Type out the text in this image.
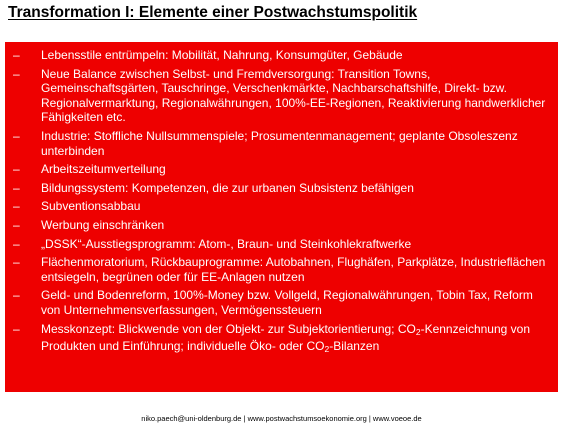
Transformation I: Elemente einer Postwachstumspolitik
–	Lebensstile entrümpeln: Mobilität, Nahrung, Konsumgüter, Gebäude
–	Neue Balance zwischen Selbst- und Fremdversorgung: Transition Towns, Gemeinschaftsgärten, Tauschringe, Verschenkmärkte, Nachbarschaftshilfe, Direkt- bzw. Regionalvermarktung, Regionalwährungen, 100%-EE-Regionen, Reaktivierung handwerklicher Fähigkeiten etc.
–	Industrie: Stoffliche Nullsummenspiele; Prosumentenmanagement; geplante Obsoleszenz unterbinden
–	Arbeitszeitumverteilung
–	Bildungssystem: Kompetenzen, die zur urbanen Subsistenz befähigen
–	Subventionsabbau
–	Werbung einschränken
–	„DSSK“-Ausstiegsprogramm: Atom-, Braun- und Steinkohlekraftwerke
–	Flächenmoratorium, Rückbauprogramme: Autobahnen, Flughäfen, Parkplätze, Industrieflächen entsiegeln, begrünen oder für EE-Anlagen nutzen
–	Geld- und Bodenreform, 100%-Money bzw. Vollgeld, Regionalwährungen, Tobin Tax, Reform von Unternehmensverfassungen, Vermögenssteuern
–	Messkonzept: Blickwende von der Objekt- zur Subjektorientierung; $CO_2$-Kennzeichnung von Produkten und Einführung; individuelle Öko- oder $CO_2$-Bilanzen
niko.paech@uni-oldenburg.de | www.postwachstumsoekonomie.org | www.voeoe.de
